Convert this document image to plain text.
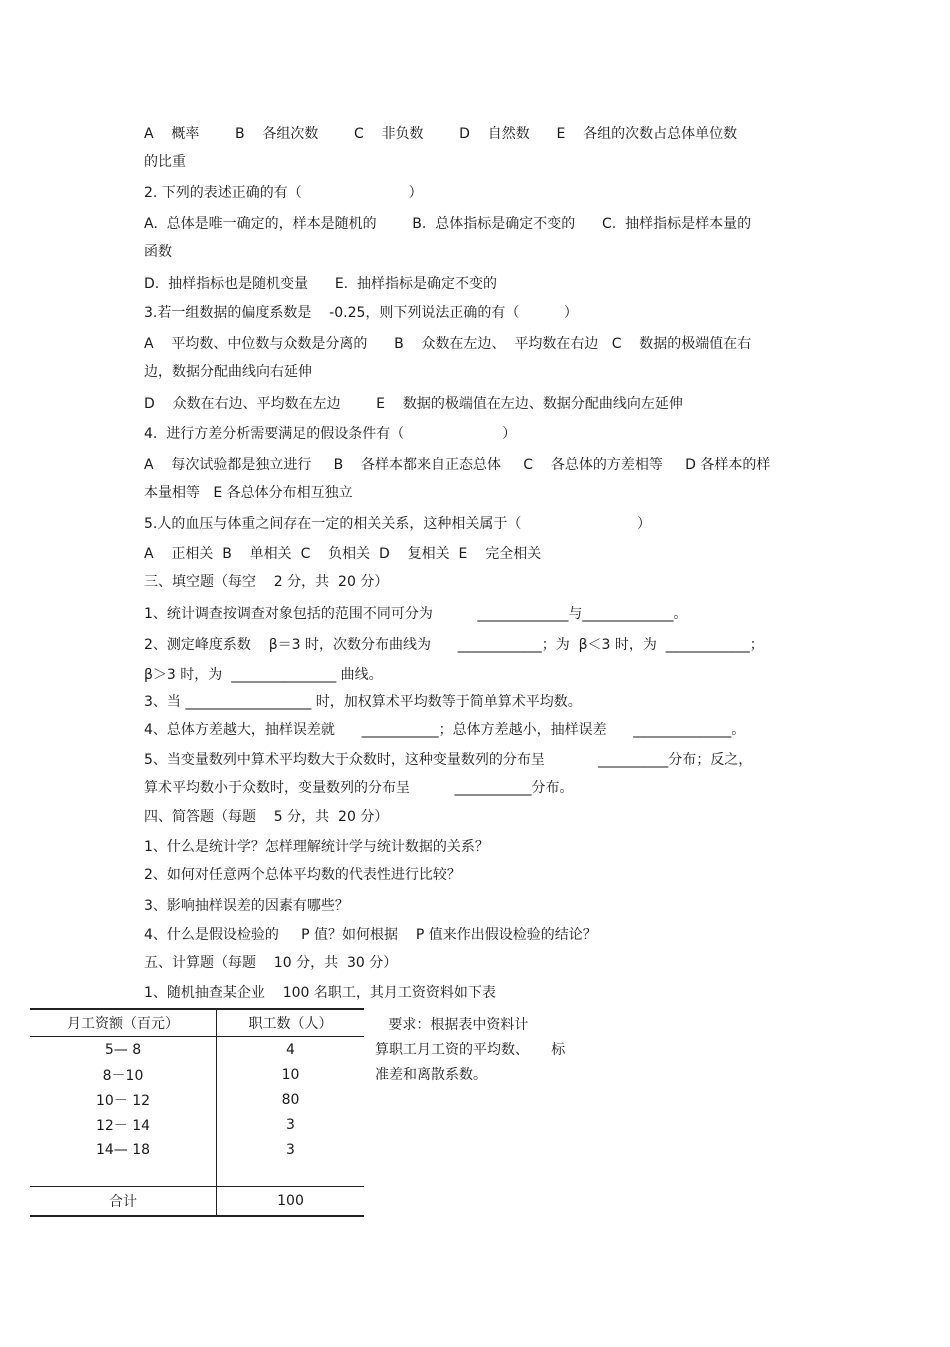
A    概率        B    各组次数        C    非负数        D    自然数      E    各组的次数占总体单位数
的比重
2. 下列的表述正确的有（                        ）
A.  总体是唯一确定的，样本是随机的        B.  总体指标是确定不变的      C.  抽样指标是样本量的
函数
D.  抽样指标也是随机变量      E.  抽样指标是确定不变的
3.若一组数据的偏度系数是    -0.25，则下列说法正确的有（          ）
A    平均数、中位数与众数是分离的      B    众数在左边、  平均数在右边   C    数据的极端值在右
边，数据分配曲线向右延伸
D    众数在右边、平均数在左边        E    数据的极端值在左边、数据分配曲线向左延伸
4.  进行方差分析需要满足的假设条件有（                      ）
A    每次试验都是独立进行     B    各样本都来自正态总体     C    各总体的方差相等     D 各样本的样
本量相等   E 各总体分布相互独立
5.人的血压与体重之间存在一定的相关关系，这种相关属于（                          ）
A    正相关  B    单相关  C    负相关  D    复相关  E    完全相关
三、填空题（每空    2 分，共  20 分）
1、统计调查按调查对象包括的范围不同可分为          _____________与_____________。
2、测定峰度系数    β＝3 时，次数分布曲线为      ____________；为  β＜3 时，为  ____________；
β＞3 时，为  _______________ 曲线。
3、当 __________________ 时，加权算术平均数等于简单算术平均数。
4、总体方差越大，抽样误差就      ___________；总体方差越小，抽样误差      ______________。
5、当变量数列中算术平均数大于众数时，这种变量数列的分布呈            __________分布；反之，
算术平均数小于众数时，变量数列的分布呈          ___________分布。
四、简答题（每题    5 分，共  20 分）
1、什么是统计学？怎样理解统计学与统计数据的关系？
2、如何对任意两个总体平均数的代表性进行比较？
3、影响抽样误差的因素有哪些？
4、什么是假设检验的     P 值？如何根据    P 值来作出假设检验的结论？
五、计算题（每题    10 分，共  30 分）
1、随机抽查某企业    100 名职工，其月工资资料如下表
月工资额（百元）	职工数（人）
5— 8	4
8－10	10
10－ 12	80
12－ 14	3
14— 18	3

合计	100
要求：根据表中资料计
算职工月工资的平均数、     标
准差和离散系数。
